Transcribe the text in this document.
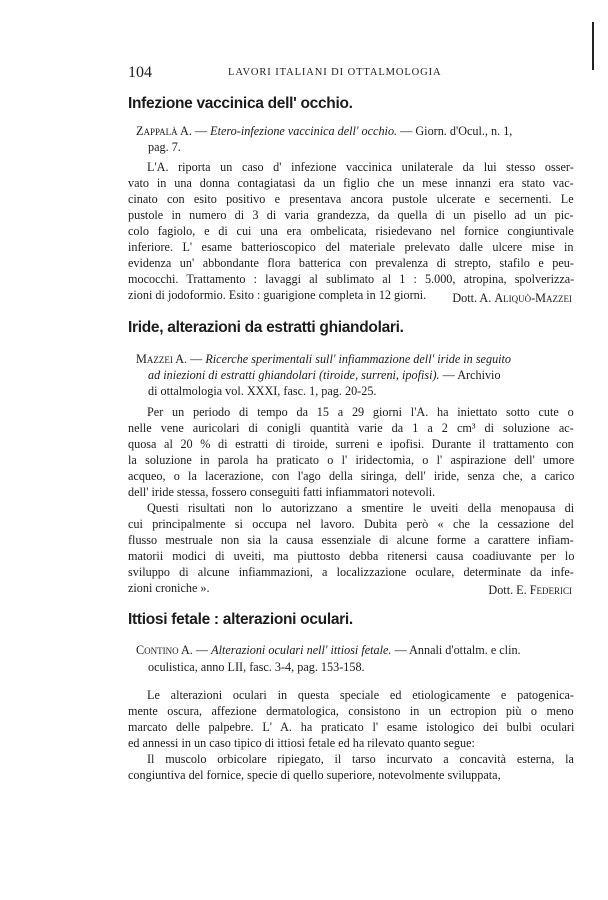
104	LAVORI ITALIANI DI OTTALMOLOGIA
Infezione vaccinica dell' occhio.
Zappalà A. — Etero-infezione vaccinica dell' occhio. — Giorn. d'Ocul., n. 1,
pag. 7.
L'A. riporta un caso d' infezione vaccinica unilaterale da lui stesso osser-
vato in una donna contagiatasi da un figlio che un mese innanzi era stato vac-
cinato con esito positivo e presentava ancora pustole ulcerate e secernenti. Le
pustole in numero di 3 di varia grandezza, da quella di un pisello ad un pic-
colo fagiolo, e di cui una era ombelicata, risiedevano nel fornice congiuntivale
inferiore. L' esame batterioscopico del materiale prelevato dalle ulcere mise in
evidenza un' abbondante flora batterica con prevalenza di strepto, stafilo e peu-
mococchi. Trattamento : lavaggi al sublimato al 1 : 5.000, atropina, spolverizza-
zioni di jodoformio. Esito : guarigione completa in 12 giorni.	Dott. A. Aliquò-Mazzei
Iride, alterazioni da estratti ghiandolari.
Mazzei A. — Ricerche sperimentali sull' infiammazione dell' iride in seguito
ad iniezioni di estratti ghiandolari (tiroide, surreni, ipofisi). — Archivio
di ottalmologia vol. XXXI, fasc. 1, pag. 20-25.
Per un periodo di tempo da 15 a 29 giorni l'A. ha iniettato sotto cute o
nelle vene auricolari di conigli quantità varie da 1 a 2 cm³ di soluzione ac-
quosa al 20 % di estratti di tiroide, surreni e ipofisi. Durante il trattamento con
la soluzione in parola ha praticato o l' iridectomia, o l' aspirazione dell' umore
acqueo, o la lacerazione, con l'ago della siringa, dell' iride, senza che, a carico
dell' iride stessa, fossero conseguiti fatti infiammatori notevoli.
Questi risultati non lo autorizzano a smentire le uveiti della menopausa di
cui principalmente si occupa nel lavoro. Dubita però « che la cessazione del
flusso mestruale non sia la causa essenziale di alcune forme a carattere infiam-
matorii modici di uveiti, ma piuttosto debba ritenersi causa coadiuvante per lo
sviluppo di alcune infiammazioni, a localizzazione oculare, determinate da infe-
zioni croniche ».	Dott. E. Federici
Ittiosi fetale : alterazioni oculari.
Contino A. — Alterazioni oculari nell' ittiosi fetale. — Annali d'ottalm. e clin.
oculistica, anno LII, fasc. 3-4, pag. 153-158.
Le alterazioni oculari in questa speciale ed etiologicamente e patogenica-
mente oscura, affezione dermatologica, consistono in un ectropion più o meno
marcato delle palpebre. L' A. ha praticato l' esame istologico dei bulbi oculari
ed annessi in un caso tipico di ittiosi fetale ed ha rilevato quanto segue:
Il muscolo orbicolare ripiegato, il tarso incurvato a concavità esterna, la
congiuntiva del fornice, specie di quello superiore, notevolmente sviluppata,
